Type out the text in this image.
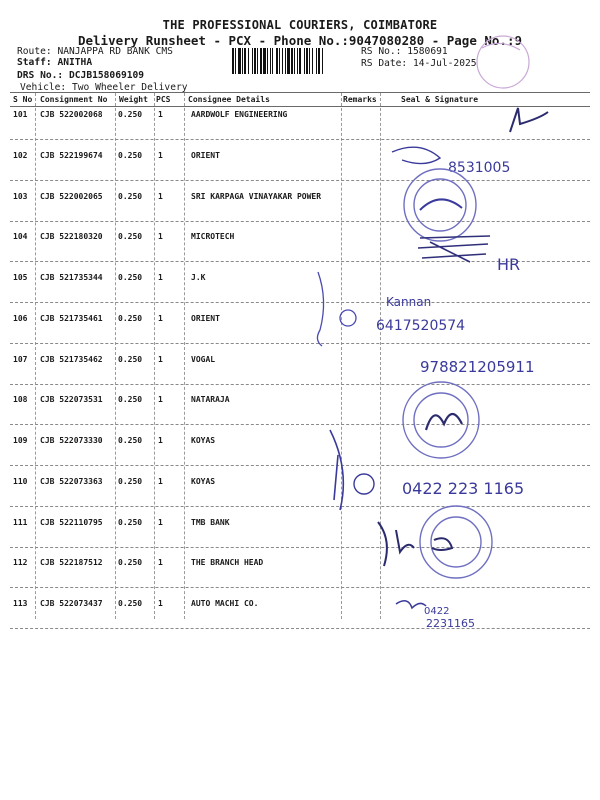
THE PROFESSIONAL COURIERS, COIMBATORE
Delivery Runsheet - PCX - Phone No.:9047080280 - Page No.:9
Route: NANJAPPA RD BANK CMS
Staff: ANITHA
DRS No.: DCJB158069109
Vehicle: Two Wheeler Delivery
RS No.: 1580691
RS Date: 14-Jul-2025
S No Consignment No Weight PCS Consignee Details	Remarks	Seal & Signature
101 CJB 522002068 0.250 1	AARDWOLF ENGINEERING
102 CJB 522199674 0.250 1	ORIENT
103 CJB 522002065 0.250 1	SRI KARPAGA VINAYAKAR POWER
104 CJB 522180320 0.250 1	MICROTECH
105 CJB 521735344 0.250 1	J.K
106 CJB 521735461 0.250 1	ORIENT
107 CJB 521735462 0.250 1	VOGAL
108 CJB 522073531 0.250 1	NATARAJA
109 CJB 522073330 0.250 1	KOYAS
110 CJB 522073363 0.250 1	KOYAS
111 CJB 522110795 0.250 1	TMB BANK
112 CJB 522187512 0.250 1	THE BRANCH HEAD
113 CJB 522073437 0.250 1	AUTO MACHI CO.
8531005
HR
Kannan
6417520574
978821205911
0422 223 1165
0422
2231165
